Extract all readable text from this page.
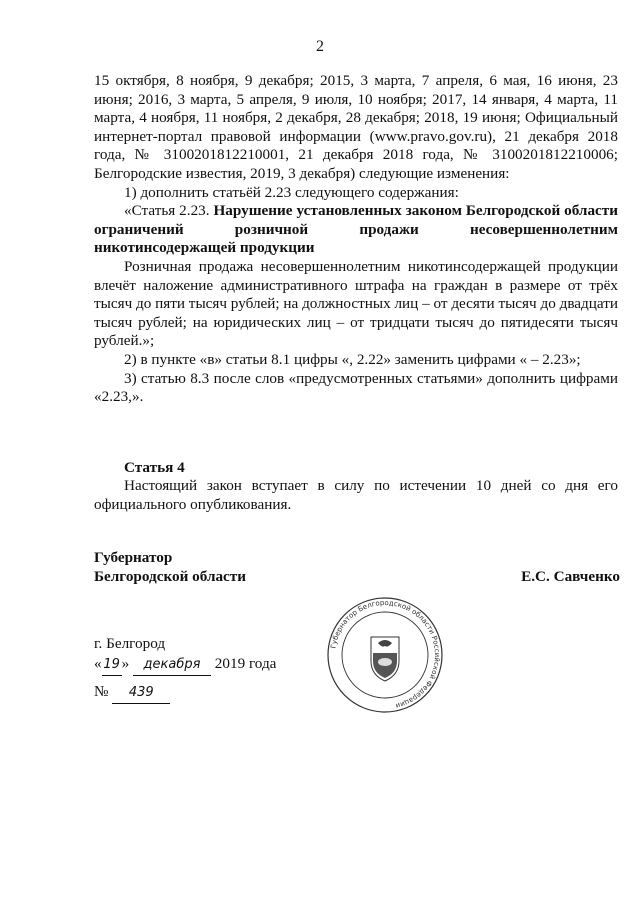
2

15 октября, 8 ноября, 9 декабря; 2015, 3 марта, 7 апреля, 6 мая, 16 июня, 23 июня; 2016, 3 марта, 5 апреля, 9 июля, 10 ноября; 2017, 14 января, 4 марта, 11 марта, 4 ноября, 11 ноября, 2 декабря, 28 декабря; 2018, 19 июня; Официальный интернет-портал правовой информации (www.pravo.gov.ru), 21 декабря 2018 года, № 3100201812210001, 21 декабря 2018 года, № 3100201812210006; Белгородские известия, 2019, 3 декабря) следующие изменения:

1) дополнить статьёй 2.23 следующего содержания:

«Статья 2.23. Нарушение установленных законом Белгородской области ограничений розничной продажи несовершеннолетним никотинсодержащей продукции

Розничная продажа несовершеннолетним никотинсодержащей продукции влечёт наложение административного штрафа на граждан в размере от трёх тысяч до пяти тысяч рублей; на должностных лиц – от десяти тысяч до двадцати тысяч рублей; на юридических лиц – от тридцати тысяч до пятидесяти тысяч рублей.»;

2) в пункте «в» статьи 8.1 цифры «, 2.22» заменить цифрами « – 2.23»;

3) статью 8.3 после слов «предусмотренных статьями» дополнить цифрами «2.23,».

Статья 4

Настоящий закон вступает в силу по истечении 10 дней со дня его официального опубликования.

Губернатор
Белгородской области	Е.С. Савченко
г. Белгород
« 19 » декабря 2019 года
№ 439
Губернатор Белгородской области Российской Федерации
